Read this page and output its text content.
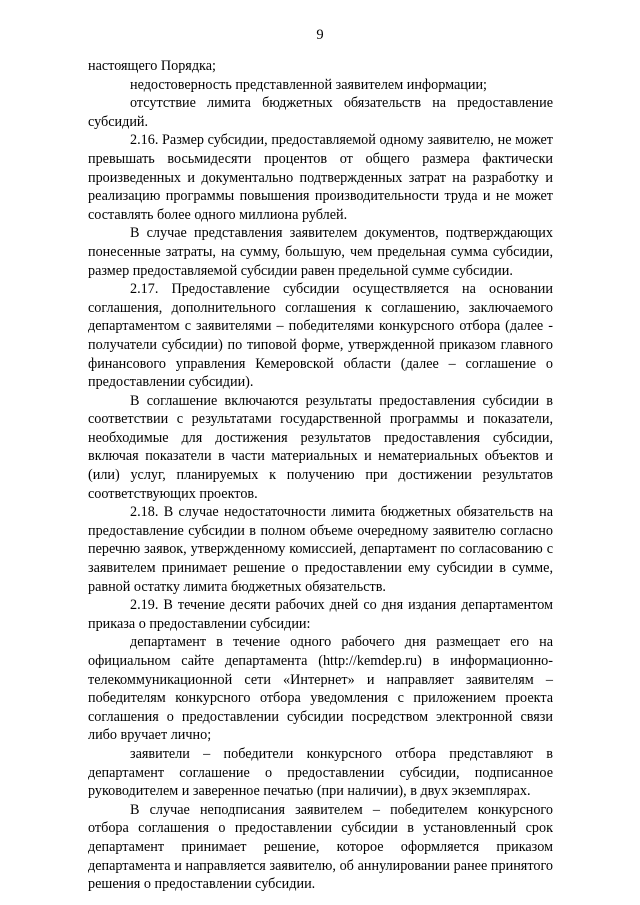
9

настоящего Порядка;

недостоверность представленной заявителем информации;

отсутствие лимита бюджетных обязательств на предоставление субсидий.

2.16. Размер субсидии, предоставляемой одному заявителю, не может превышать восьмидесяти процентов от общего размера фактически произведенных и документально подтвержденных затрат на разработку и реализацию программы повышения производительности труда и не может составлять более одного миллиона рублей.

В случае представления заявителем документов, подтверждающих понесенные затраты, на сумму, большую, чем предельная сумма субсидии, размер предоставляемой субсидии равен предельной сумме субсидии.

2.17. Предоставление субсидии осуществляется на основании соглашения, дополнительного соглашения к соглашению, заключаемого департаментом с заявителями – победителями конкурсного отбора (далее - получатели субсидии) по типовой форме, утвержденной приказом главного финансового управления Кемеровской области (далее – соглашение о предоставлении субсидии).

В соглашение включаются результаты предоставления субсидии в соответствии с результатами государственной программы и показатели, необходимые для достижения результатов предоставления субсидии, включая показатели в части материальных и нематериальных объектов и (или) услуг, планируемых к получению при достижении результатов соответствующих проектов.

2.18. В случае недостаточности лимита бюджетных обязательств на предоставление субсидии в полном объеме очередному заявителю согласно перечню заявок, утвержденному комиссией, департамент по согласованию с заявителем принимает решение о предоставлении ему субсидии в сумме, равной остатку лимита бюджетных обязательств.

2.19. В течение десяти рабочих дней со дня издания департаментом приказа о предоставлении субсидии:

департамент в течение одного рабочего дня размещает его на официальном сайте департамента (http://kemdep.ru) в информационно-телекоммуникационной сети «Интернет» и направляет заявителям – победителям конкурсного отбора уведомления с приложением проекта соглашения о предоставлении субсидии посредством электронной связи либо вручает лично;

заявители – победители конкурсного отбора представляют в департамент соглашение о предоставлении субсидии, подписанное руководителем и заверенное печатью (при наличии), в двух экземплярах.

В случае неподписания заявителем – победителем конкурсного отбора соглашения о предоставлении субсидии в установленный срок департамент принимает решение, которое оформляется приказом департамента и направляется заявителю, об аннулировании ранее принятого решения о предоставлении субсидии.
